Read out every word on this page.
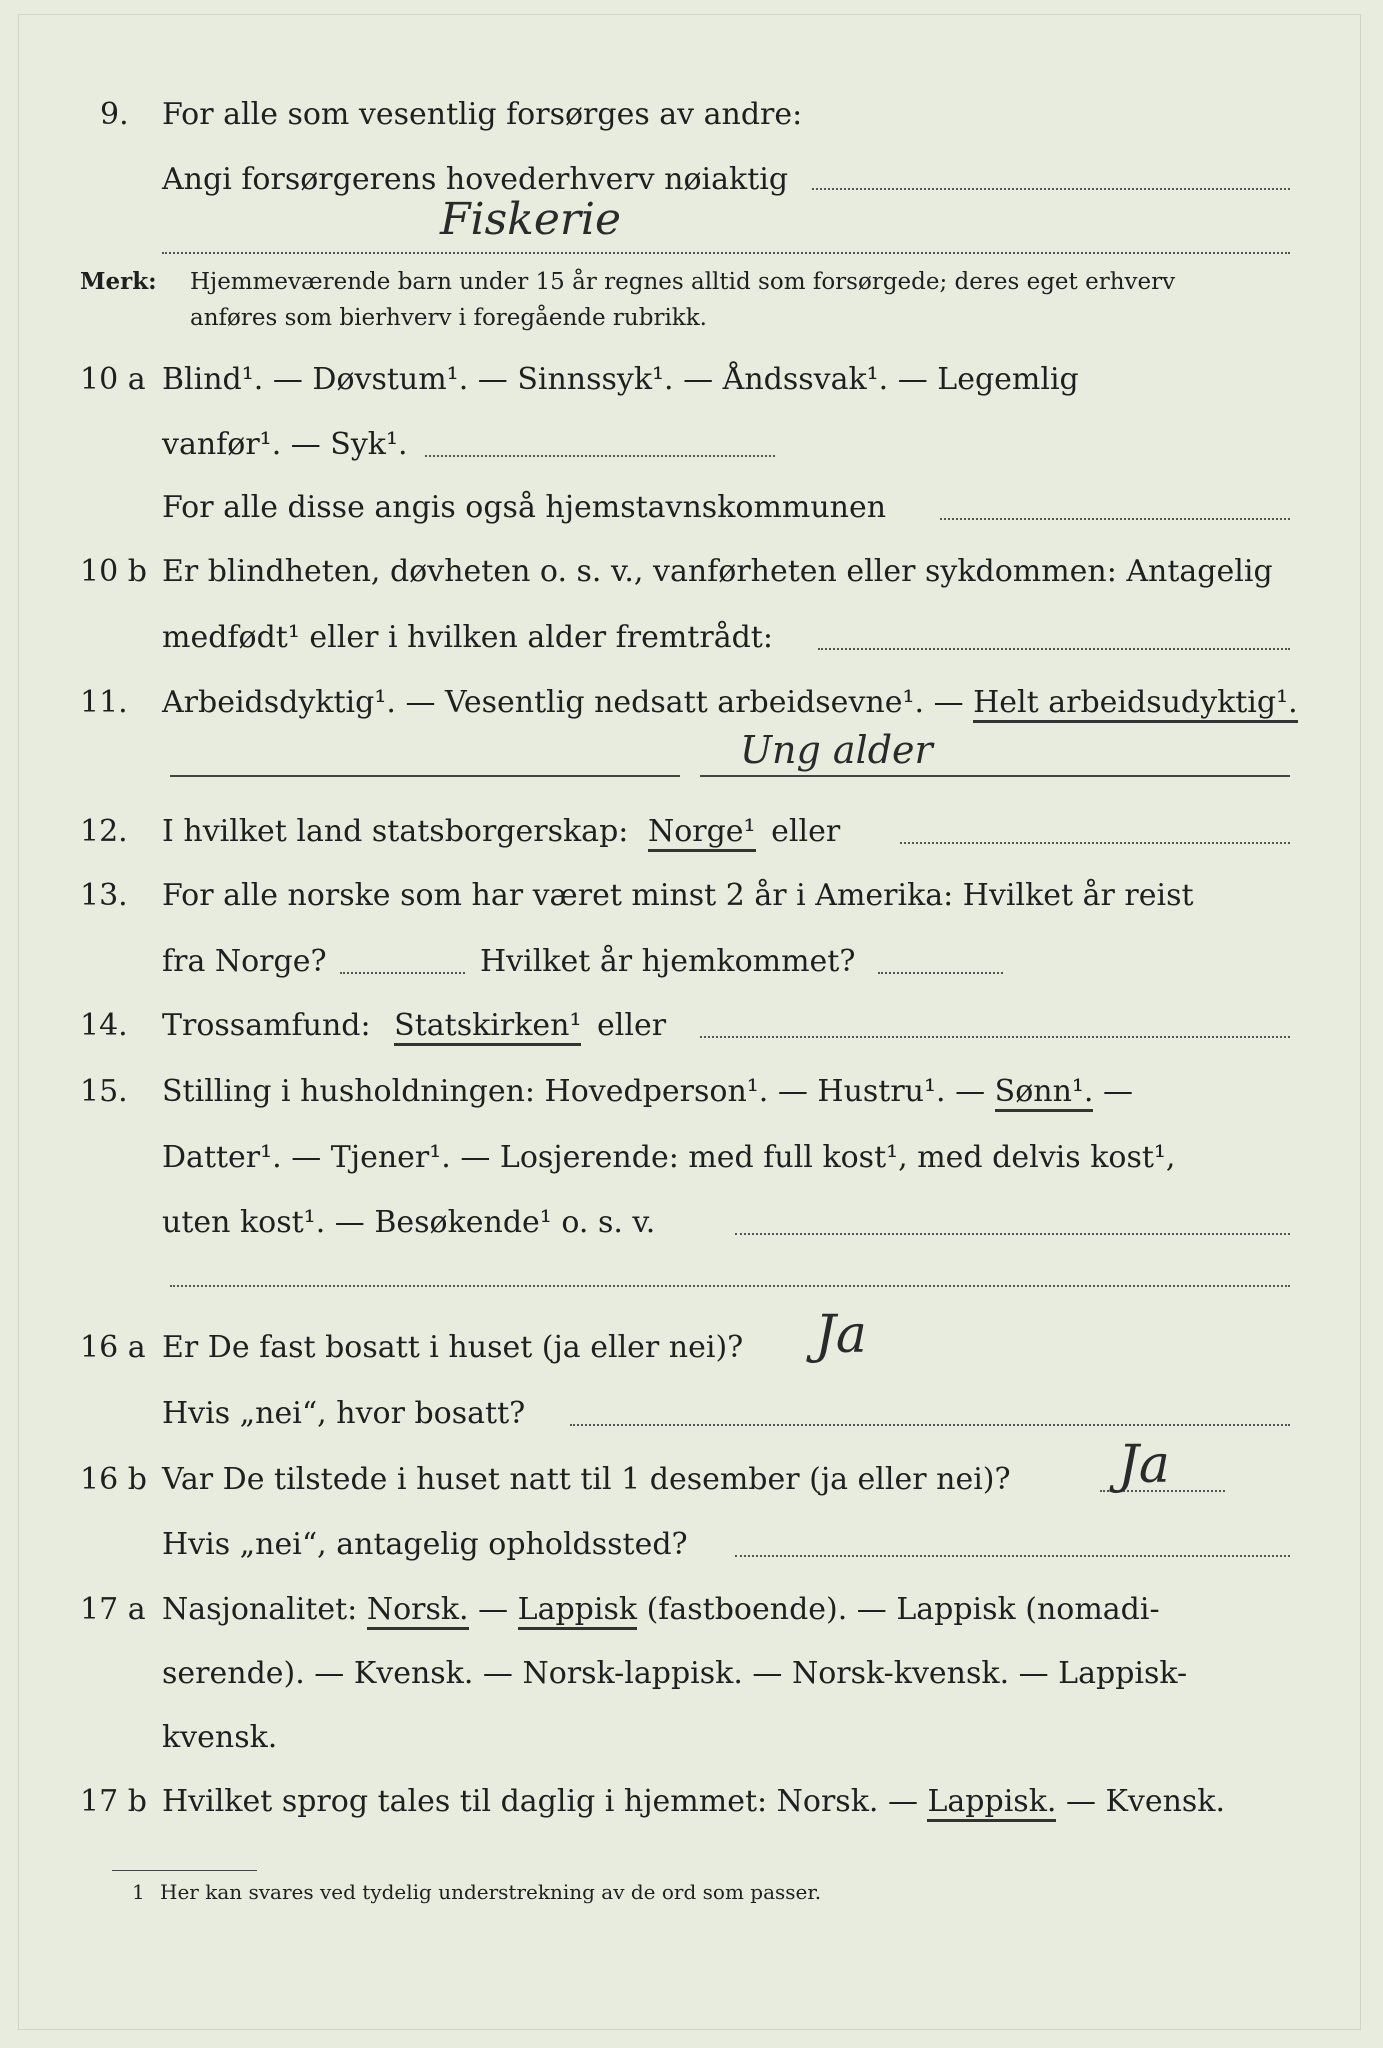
9.	For alle som vesentlig forsørges av andre:
Angi forsørgerens hovederhverv nøiaktig
Fiskerie
Merk: Hjemmeværende barn under 15 år regnes alltid som forsørgede; deres eget erhverv
anføres som bierhverv i foregående rubrikk.
10 a Blind¹. — Døvstum¹. — Sinnssyk¹. — Åndssvak¹. — Legemlig
vanfør¹. — Syk¹.
For alle disse angis også hjemstavnskommunen
10 b Er blindheten, døvheten o. s. v., vanførheten eller sykdommen: Antagelig
medfødt¹ eller i hvilken alder fremtrådt:
11.	Arbeidsdyktig¹. — Vesentlig nedsatt arbeidsevne¹. — Helt arbeidsudyktig¹.
Ung alder
12.	I hvilket land statsborgerskap: Norge¹ eller
13.	For alle norske som har været minst 2 år i Amerika: Hvilket år reist
fra Norge?	Hvilket år hjemkommet?
14.	Trossamfund: Statskirken¹ eller
15.	Stilling i husholdningen: Hovedperson¹. — Hustru¹. — Sønn¹. —
Datter¹. — Tjener¹. — Losjerende: med full kost¹, med delvis kost¹,
uten kost¹. — Besøkende¹ o. s. v.
16 a Er De fast bosatt i huset (ja eller nei)? Ja
Hvis „nei“, hvor bosatt?
16 b Var De tilstede i huset natt til 1 desember (ja eller nei)? Ja
Hvis „nei“, antagelig opholdssted?
17 a Nasjonalitet: Norsk. — Lappisk (fastboende). — Lappisk (nomadi-
serende). — Kvensk. — Norsk-lappisk. — Norsk-kvensk. — Lappisk-
kvensk.
17 b Hvilket sprog tales til daglig i hjemmet: Norsk. — Lappisk. — Kvensk.
1 Her kan svares ved tydelig understrekning av de ord som passer.
